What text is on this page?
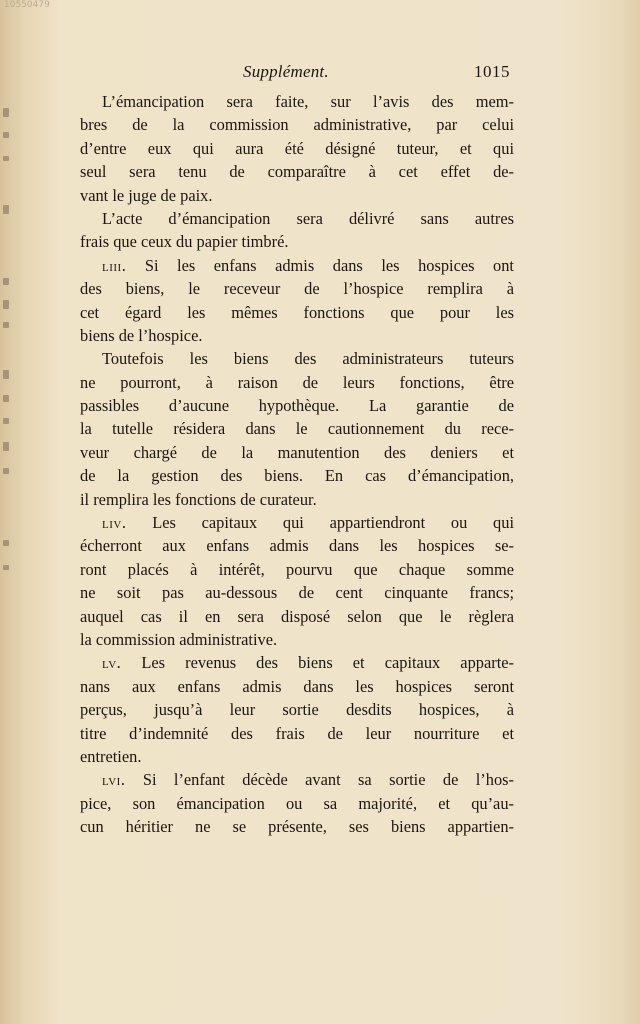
10550479
Supplément.	1015
L’émancipation sera faite, sur l’avis des mem-
bres de la commission administrative, par celui
d’entre eux qui aura été désigné tuteur, et qui
seul sera tenu de comparaître à cet effet de-
vant le juge de paix.
L’acte d’émancipation sera délivré sans autres
frais que ceux du papier timbré.
liii. Si les enfans admis dans les hospices ont
des biens, le receveur de l’hospice remplira à
cet égard les mêmes fonctions que pour les
biens de l’hospice.
Toutefois les biens des administrateurs tuteurs
ne pourront, à raison de leurs fonctions, être
passibles d’aucune hypothèque. La garantie de
la tutelle résidera dans le cautionnement du rece-
veur chargé de la manutention des deniers et
de la gestion des biens. En cas d’émancipation,
il remplira les fonctions de curateur.
liv. Les capitaux qui appartiendront ou qui
écherront aux enfans admis dans les hospices se-
ront placés à intérêt, pourvu que chaque somme
ne soit pas au-dessous de cent cinquante francs;
auquel cas il en sera disposé selon que le règlera
la commission administrative.
lv. Les revenus des biens et capitaux apparte-
nans aux enfans admis dans les hospices seront
perçus, jusqu’à leur sortie desdits hospices, à
titre d’indemnité des frais de leur nourriture et
entretien.
lvi. Si l’enfant décède avant sa sortie de l’hos-
pice, son émancipation ou sa majorité, et qu’au-
cun héritier ne se présente, ses biens appartien-
